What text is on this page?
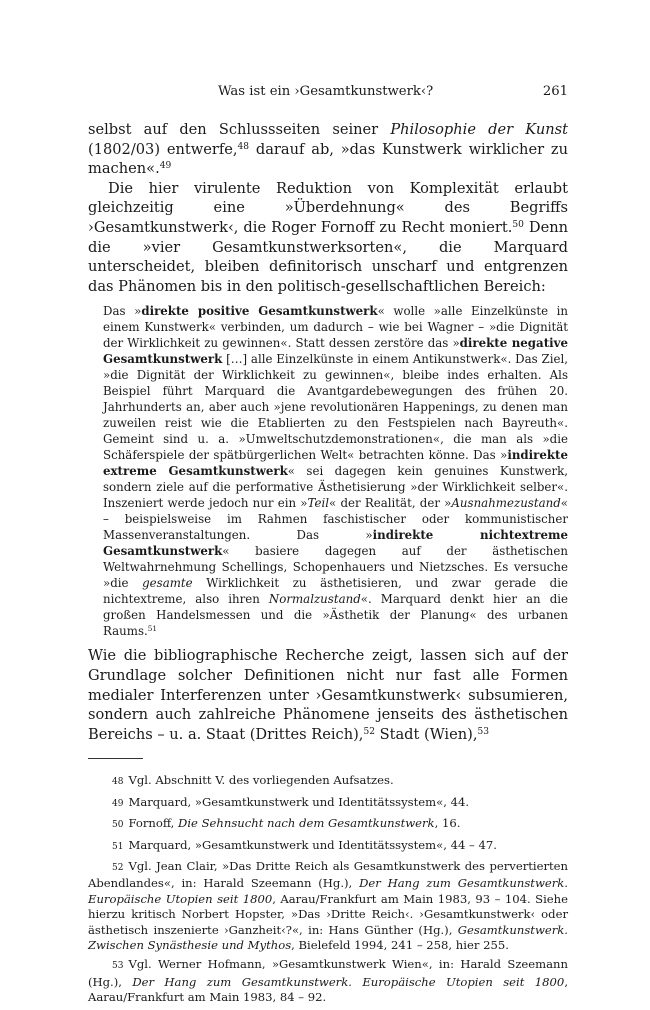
Was ist ein ›Gesamtkunstwerk‹?	261

selbst auf den Schlussseiten seiner Philosophie der Kunst (1802/03) entwerfe,$^{48}$ darauf ab, »das Kunstwerk wirklicher zu machen«.$^{49}$

Die hier virulente Reduktion von Komplexität erlaubt gleichzeitig eine »Überdehnung« des Begriffs ›Gesamtkunstwerk‹, die Roger Fornoff zu Recht moniert.$^{50}$ Denn die »vier Gesamtkunstwerksorten«, die Marquard unterscheidet, bleiben definitorisch unscharf und entgrenzen das Phänomen bis in den politisch-gesellschaftlichen Bereich:

Das »direkte positive Gesamtkunstwerk« wolle »alle Einzelkünste in einem Kunstwerk« verbinden, um dadurch – wie bei Wagner – »die Dignität der Wirklichkeit zu gewinnen«. Statt dessen zerstöre das »direkte negative Gesamtkunstwerk […] alle Einzelkünste in einem Antikunstwerk«. Das Ziel, »die Dignität der Wirklichkeit zu gewinnen«, bleibe indes erhalten. Als Beispiel führt Marquard die Avantgardebewegungen des frühen 20. Jahrhunderts an, aber auch »jene revolutionären Happenings, zu denen man zuweilen reist wie die Etablierten zu den Festspielen nach Bayreuth«. Gemeint sind u. a. »Umweltschutzdemonstrationen«, die man als »die Schäferspiele der spätbürgerlichen Welt« betrachten könne. Das »indirekte extreme Gesamtkunstwerk« sei dagegen kein genuines Kunstwerk, sondern ziele auf die performative Ästhetisierung »der Wirklichkeit selber«. Inszeniert werde jedoch nur ein »Teil« der Realität, der »Ausnahmezustand« – beispielsweise im Rahmen faschistischer oder kommunistischer Massenveranstaltungen. Das »indirekte nichtextreme Gesamtkunstwerk« basiere dagegen auf der ästhetischen Weltwahrnehmung Schellings, Schopenhauers und Nietzsches. Es versuche »die gesamte Wirklichkeit zu ästhetisieren, und zwar gerade die nichtextreme, also ihren Normalzustand«. Marquard denkt hier an die großen Handelsmessen und die »Ästhetik der Planung« des urbanen Raums.$^{51}$

Wie die bibliographische Recherche zeigt, lassen sich auf der Grundlage solcher Definitionen nicht nur fast alle Formen medialer Interferenzen unter ›Gesamtkunstwerk‹ subsumieren, sondern auch zahlreiche Phänomene jenseits des ästhetischen Bereichs – u. a. Staat (Drittes Reich),$^{52}$ Stadt (Wien),$^{53}$

48 Vgl. Abschnitt V. des vorliegenden Aufsatzes.

49 Marquard, »Gesamtkunstwerk und Identitätssystem«, 44.

50 Fornoff, Die Sehnsucht nach dem Gesamtkunstwerk, 16.

51 Marquard, »Gesamtkunstwerk und Identitätssystem«, 44 – 47.

52 Vgl. Jean Clair, »Das Dritte Reich als Gesamtkunstwerk des pervertierten Abendlandes«, in: Harald Szeemann (Hg.), Der Hang zum Gesamtkunstwerk. Europäische Utopien seit 1800, Aarau/Frankfurt am Main 1983, 93 – 104. Siehe hierzu kritisch Norbert Hopster, »Das ›Dritte Reich‹. ›Gesamtkunstwerk‹ oder ästhetisch inszenierte ›Ganzheit‹?«, in: Hans Günther (Hg.), Gesamtkunstwerk. Zwischen Synästhesie und Mythos, Bielefeld 1994, 241 – 258, hier 255.

53 Vgl. Werner Hofmann, »Gesamtkunstwerk Wien«, in: Harald Szeemann (Hg.), Der Hang zum Gesamtkunstwerk. Europäische Utopien seit 1800, Aarau/Frankfurt am Main 1983, 84 – 92.
